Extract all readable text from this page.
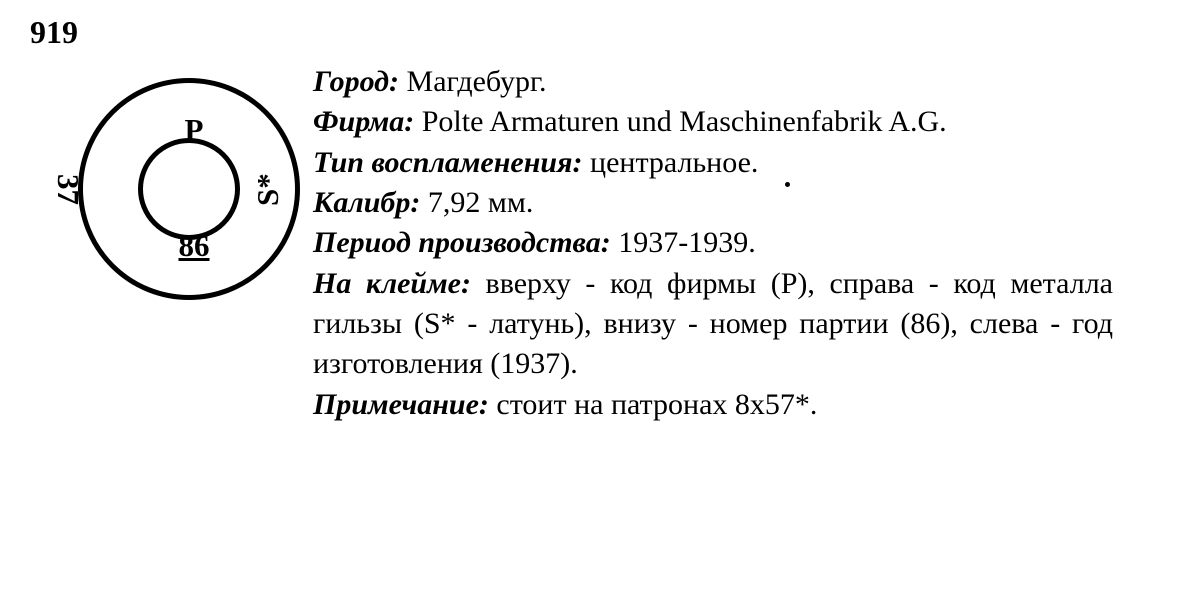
919
P
S*
86
37

Город: Магдебург.

Фирма: Polte Armaturen und Maschinenfabrik A.G.

Тип воспламенения: центральное.

Калибр: 7,92 мм.

Период производства: 1937-1939.

На клейме: вверху - код фирмы (P), справа - код металла гильзы (S* - латунь), внизу - номер партии (86), слева - год изготовления (1937).

Примечание: стоит на патронах 8x57*.
